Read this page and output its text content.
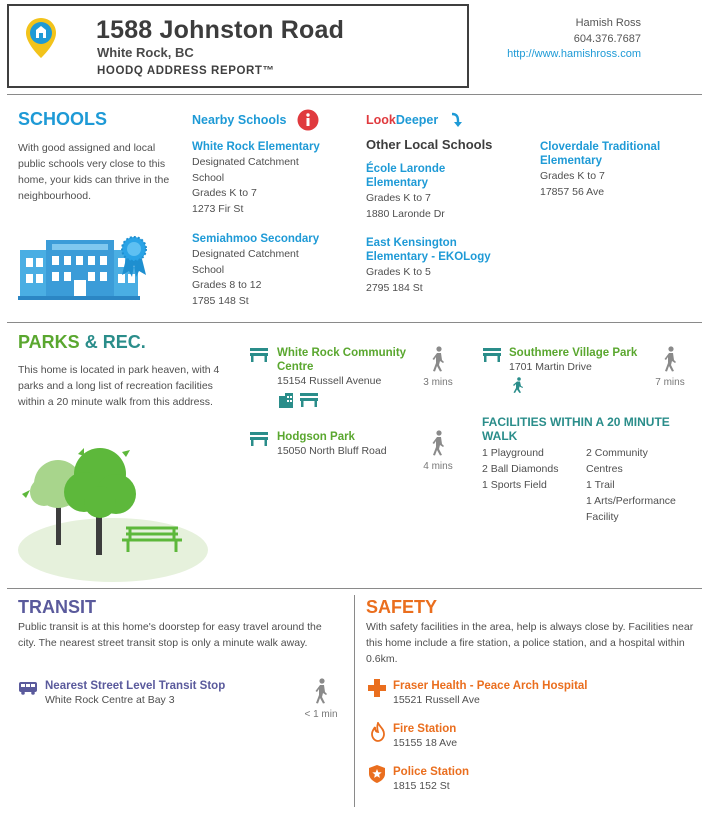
1588 Johnston Road
White Rock, BC
HOODQ ADDRESS REPORT™
Hamish Ross
604.376.7687
http://www.hamishross.com
SCHOOLS
With good assigned and local public schools very close to this home, your kids can thrive in the neighbourhood.
Nearby Schools	LookDeeper
White Rock Elementary
Designated Catchment
School
Grades K to 7
1273 Fir St
Semiahmoo Secondary
Designated Catchment
School
Grades 8 to 12
1785 148 St
Other Local Schools
École Laronde
Elementary
Grades K to 7
1880 Laronde Dr
East Kensington
Elementary - EKOLogy
Grades K to 5
2795 184 St
Cloverdale Traditional
Elementary
Grades K to 7
17857 56 Ave
PARKS & REC.
This home is located in park heaven, with 4 parks and a long list of recreation facilities within a 20 minute walk from this address.
White Rock Community
Centre
15154 Russell Avenue	3 mins
Hodgson Park
15050 North Bluff Road
4 mins
Southmere Village Park
1701 Martin Drive
7 mins
FACILITIES WITHIN A 20 MINUTE
WALK
1 Playground
2 Ball Diamonds
1 Sports Field
2 Community
Centres
1 Trail
1 Arts/Performance
Facility
TRANSIT
Public transit is at this home's doorstep for easy travel around the city. The nearest street transit stop is only a minute walk away.
Nearest Street Level Transit Stop
White Rock Centre at Bay 3
< 1 min
SAFETY
With safety facilities in the area, help is always close by. Facilities near this home include a fire station, a police station, and a hospital within 0.6km.
Fraser Health - Peace Arch Hospital
15521 Russell Ave
Fire Station
15155 18 Ave
Police Station
1815 152 St
